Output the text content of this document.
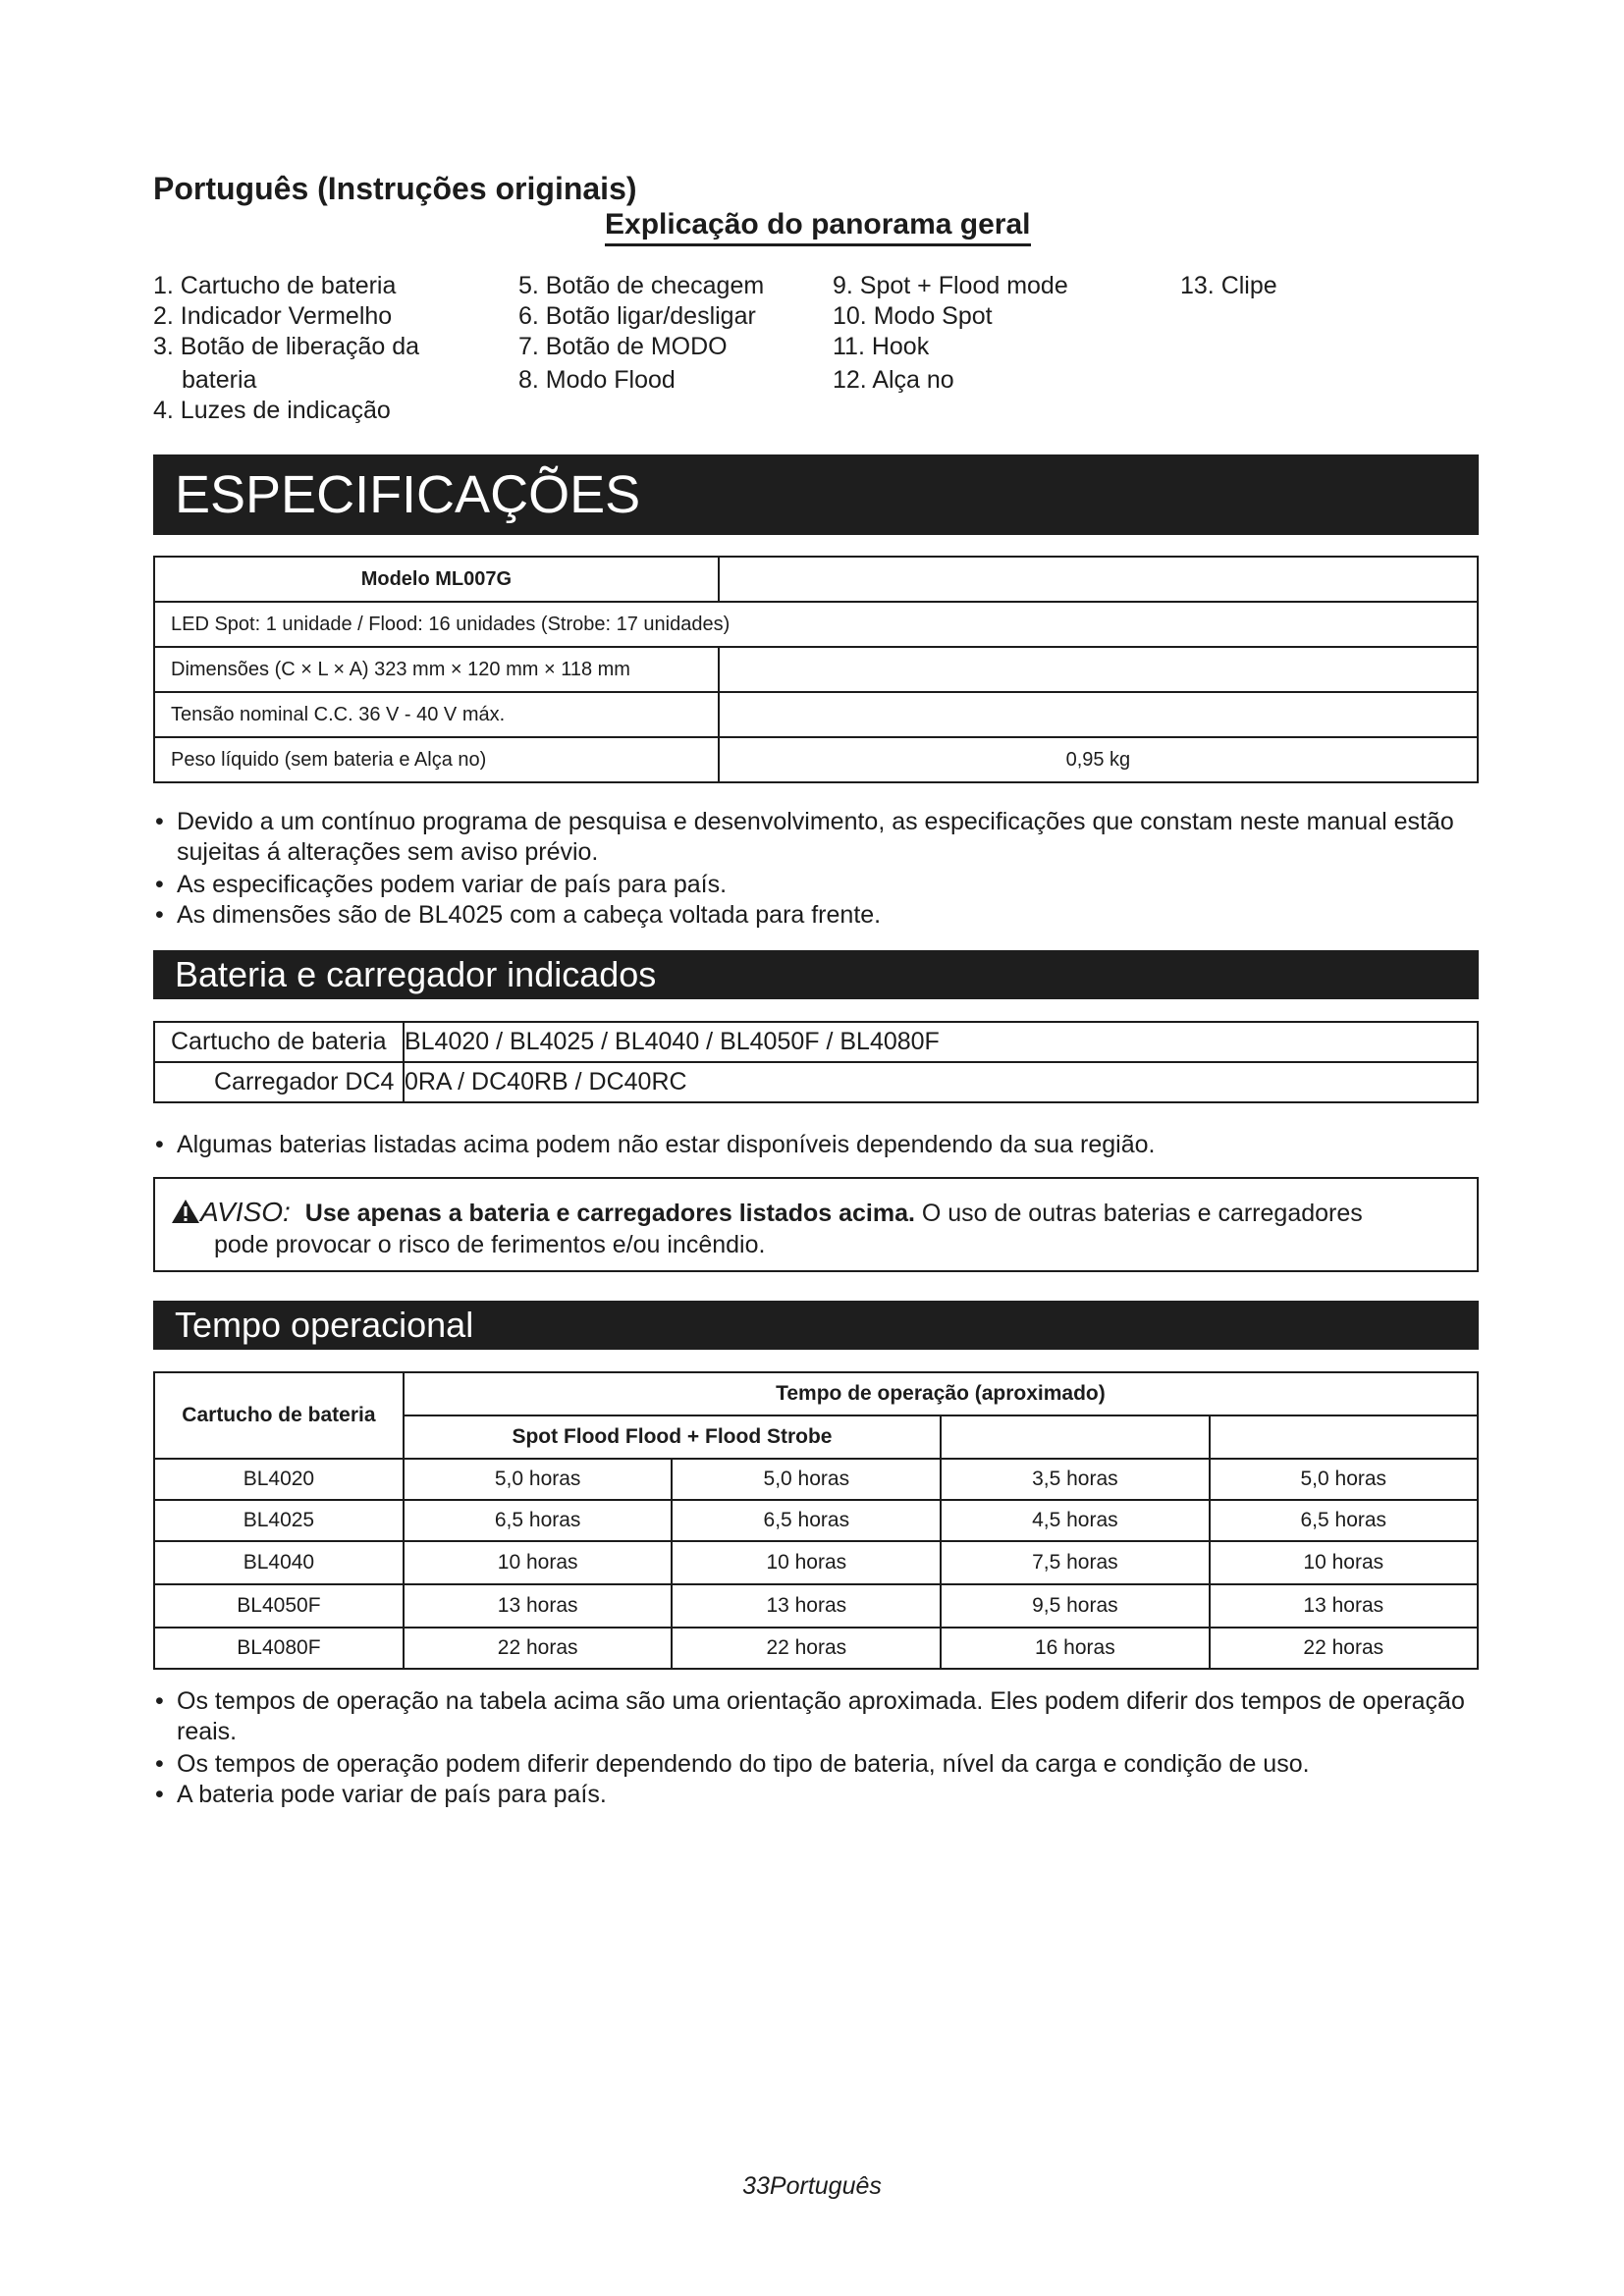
Português (Instruções originais)
Explicação do panorama geral
1. Cartucho de bateria
2. Indicador Vermelho
3. Botão de liberação da
bateria
4. Luzes de indicação
5. Botão de checagem
6. Botão ligar/desligar
7. Botão de MODO
8. Modo Flood
9. Spot + Flood mode
10. Modo Spot
11. Hook
12. Alça no
13. Clipe
ESPECIFICAÇÕES
Modelo ML007G	
LED Spot: 1 unidade / Flood: 16 unidades (Strobe: 17 unidades)	
Dimensões (C × L × A) 323 mm × 120 mm × 118 mm	
Tensão nominal C.C. 36 V - 40 V máx.	
Peso líquido (sem bateria e Alça no)	0,95 kg
• Devido a um contínuo programa de pesquisa e desenvolvimento, as especificações que constam neste manual estão sujeitas á alterações sem aviso prévio.
• As especificações podem variar de país para país.
• As dimensões são de BL4025 com a cabeça voltada para frente.
Bateria e carregador indicados
Cartucho de bateria	BL4020 / BL4025 / BL4040 / BL4050F / BL4080F
Carregador DC4	0RA / DC40RB / DC40RC
• Algumas baterias listadas acima podem não estar disponíveis dependendo da sua região.
AVISO: Use apenas a bateria e carregadores listados acima. O uso de outras baterias e carregadores
pode provocar o risco de ferimentos e/ou incêndio.
Tempo operacional
Cartucho de bateria	Tempo de operação (aproximado)			
	Spot Flood Flood + Flood Strobe			
BL4020	5,0 horas	5,0 horas	3,5 horas	5,0 horas
BL4025	6,5 horas	6,5 horas	4,5 horas	6,5 horas
BL4040	10 horas	10 horas	7,5 horas	10 horas
BL4050F	13 horas	13 horas	9,5 horas	13 horas
BL4080F	22 horas	22 horas	16 horas	22 horas
• Os tempos de operação na tabela acima são uma orientação aproximada. Eles podem diferir dos tempos de operação reais.
• Os tempos de operação podem diferir dependendo do tipo de bateria, nível da carga e condição de uso.
• A bateria pode variar de país para país.
33Português
